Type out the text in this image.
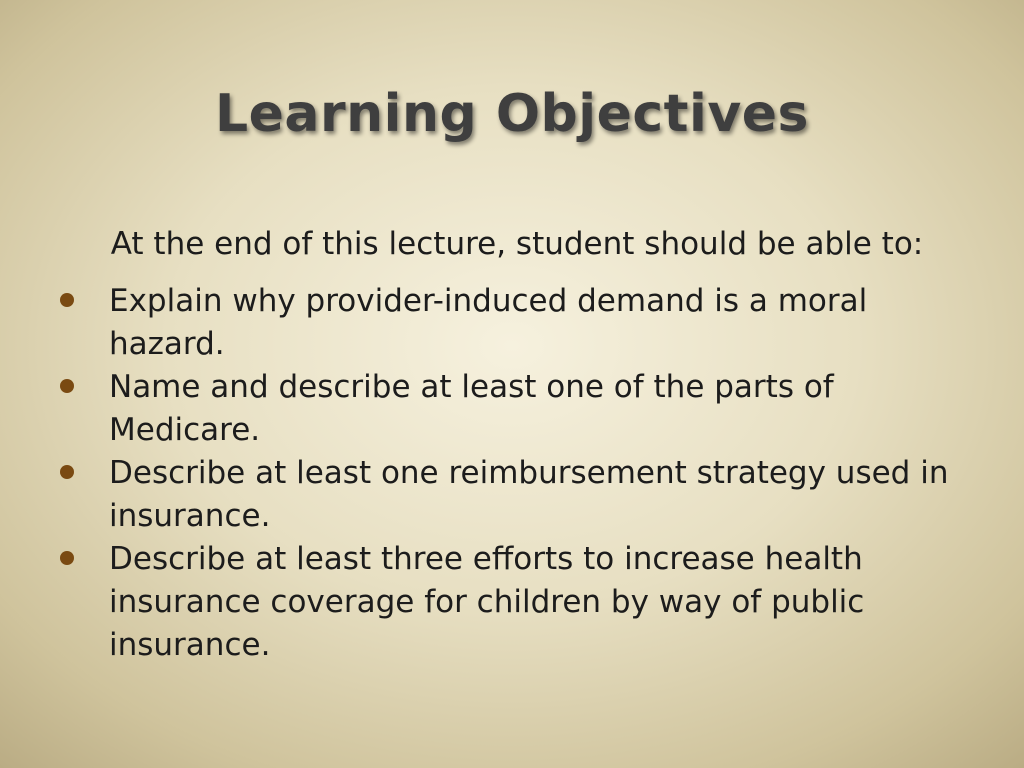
Learning Objectives
At the end of this lecture, student should be able to:
Explain why provider-induced demand is a moral hazard.
Name and describe at least one of the parts of Medicare.
Describe at least one reimbursement strategy used in insurance.
Describe at least three efforts to increase health insurance coverage for children by way of public insurance.
